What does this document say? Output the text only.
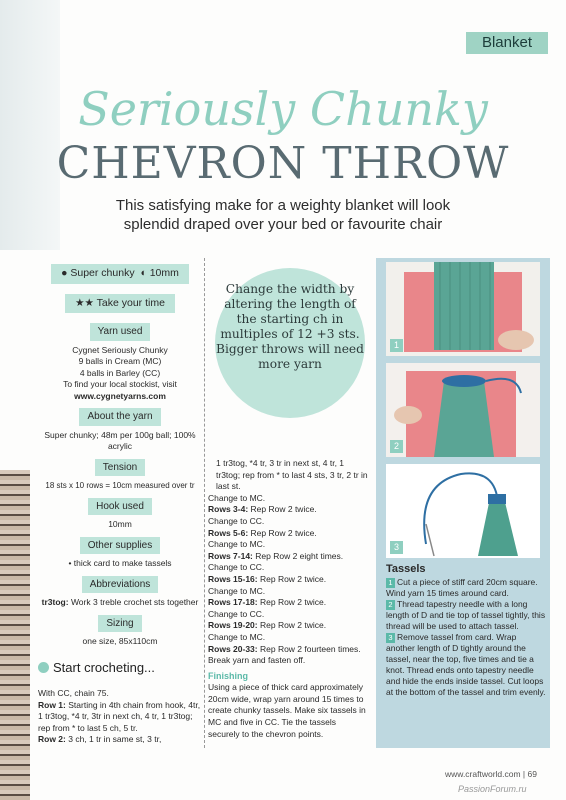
Blanket
Seriously Chunky
CHEVRON THROW
This satisfying make for a weighty blanket will look splendid draped over your bed or favourite chair
● Super chunky ◐ 10mm
★★ Take your time
Yarn used
Cygnet Seriously Chunky
9 balls in Cream (MC)
4 balls in Barley (CC)
To find your local stockist, visit
www.cygnetyarns.com
About the yarn
Super chunky; 48m per 100g ball; 100% acrylic
Tension
18 sts x 10 rows = 10cm measured over tr
Hook used
10mm
Other supplies
• thick card to make tassels
Abbreviations
tr3tog: Work 3 treble crochet sts together
Sizing
one size, 85x110cm
Start crocheting...
With CC, chain 75.
Row 1: Starting in 4th chain from hook, 4tr, 1 tr3tog, *4 tr, 3tr in next ch, 4 tr, 1 tr3tog; rep from * to last 5 ch, 5 tr.
Row 2: 3 ch, 1 tr in same st, 3 tr,
Change the width by altering the length of the starting ch in multiples of 12 +3 sts. Bigger throws will need more yarn
1 tr3tog, *4 tr, 3 tr in next st, 4 tr, 1 tr3tog; rep from * to last 4 sts, 3 tr, 2 tr in last st.
Change to MC.
Rows 3-4: Rep Row 2 twice.
Change to CC.
Rows 5-6: Rep Row 2 twice.
Change to MC.
Rows 7-14: Rep Row 2 eight times.
Change to CC.
Rows 15-16: Rep Row 2 twice.
Change to MC.
Rows 17-18: Rep Row 2 twice.
Change to CC.
Rows 19-20: Rep Row 2 twice.
Change to MC.
Rows 20-33: Rep Row 2 fourteen times.
Break yarn and fasten off.
Finishing
Using a piece of thick card approximately 20cm wide, wrap yarn around 15 times to create chunky tassels. Make six tassels in MC and five in CC. Tie the tassels securely to the chevron points.
1
2
3
Tassels
1 Cut a piece of stiff card 20cm square. Wind yarn 15 times around card.
2 Thread tapestry needle with a long length of D and tie top of tassel tightly, this thread will be used to attach tassel.
3 Remove tassel from card. Wrap another length of D tightly around the tassel, near the top, five times and tie a knot. Thread ends onto tapestry needle and hide the ends inside tassel. Cut loops at the bottom of the tassel and trim evenly.
www.craftworld.com | 69
PassionForum.ru
